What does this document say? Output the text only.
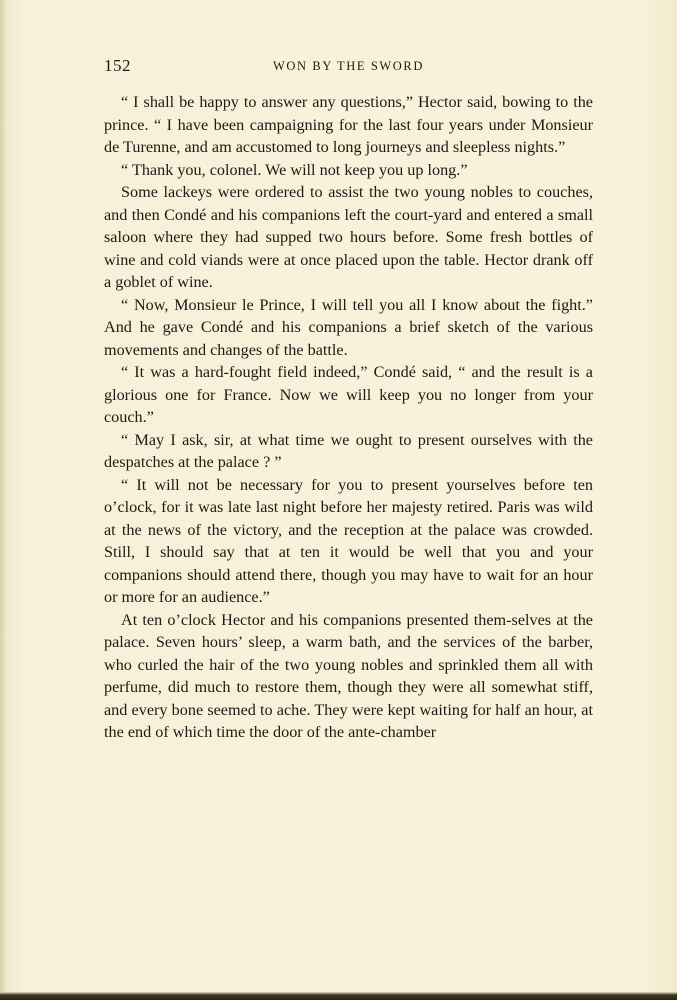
152	WON BY THE SWORD

“ I shall be happy to answer any questions,” Hector said, bowing to the prince. “ I have been campaigning for the last four years under Monsieur de Turenne, and am accustomed to long journeys and sleepless nights.”

“ Thank you, colonel. We will not keep you up long.”

Some lackeys were ordered to assist the two young nobles to couches, and then Condé and his companions left the court-yard and entered a small saloon where they had supped two hours before. Some fresh bottles of wine and cold viands were at once placed upon the table. Hector drank off a goblet of wine.

“ Now, Monsieur le Prince, I will tell you all I know about the fight.” And he gave Condé and his companions a brief sketch of the various movements and changes of the battle.

“ It was a hard-fought field indeed,” Condé said, “ and the result is a glorious one for France. Now we will keep you no longer from your couch.”

“ May I ask, sir, at what time we ought to present ourselves with the despatches at the palace ? ”

“ It will not be necessary for you to present yourselves before ten o’clock, for it was late last night before her majesty retired. Paris was wild at the news of the victory, and the reception at the palace was crowded. Still, I should say that at ten it would be well that you and your companions should attend there, though you may have to wait for an hour or more for an audience.”

At ten o’clock Hector and his companions presented them-selves at the palace. Seven hours’ sleep, a warm bath, and the services of the barber, who curled the hair of the two young nobles and sprinkled them all with perfume, did much to restore them, though they were all somewhat stiff, and every bone seemed to ache. They were kept waiting for half an hour, at the end of which time the door of the ante-chamber
